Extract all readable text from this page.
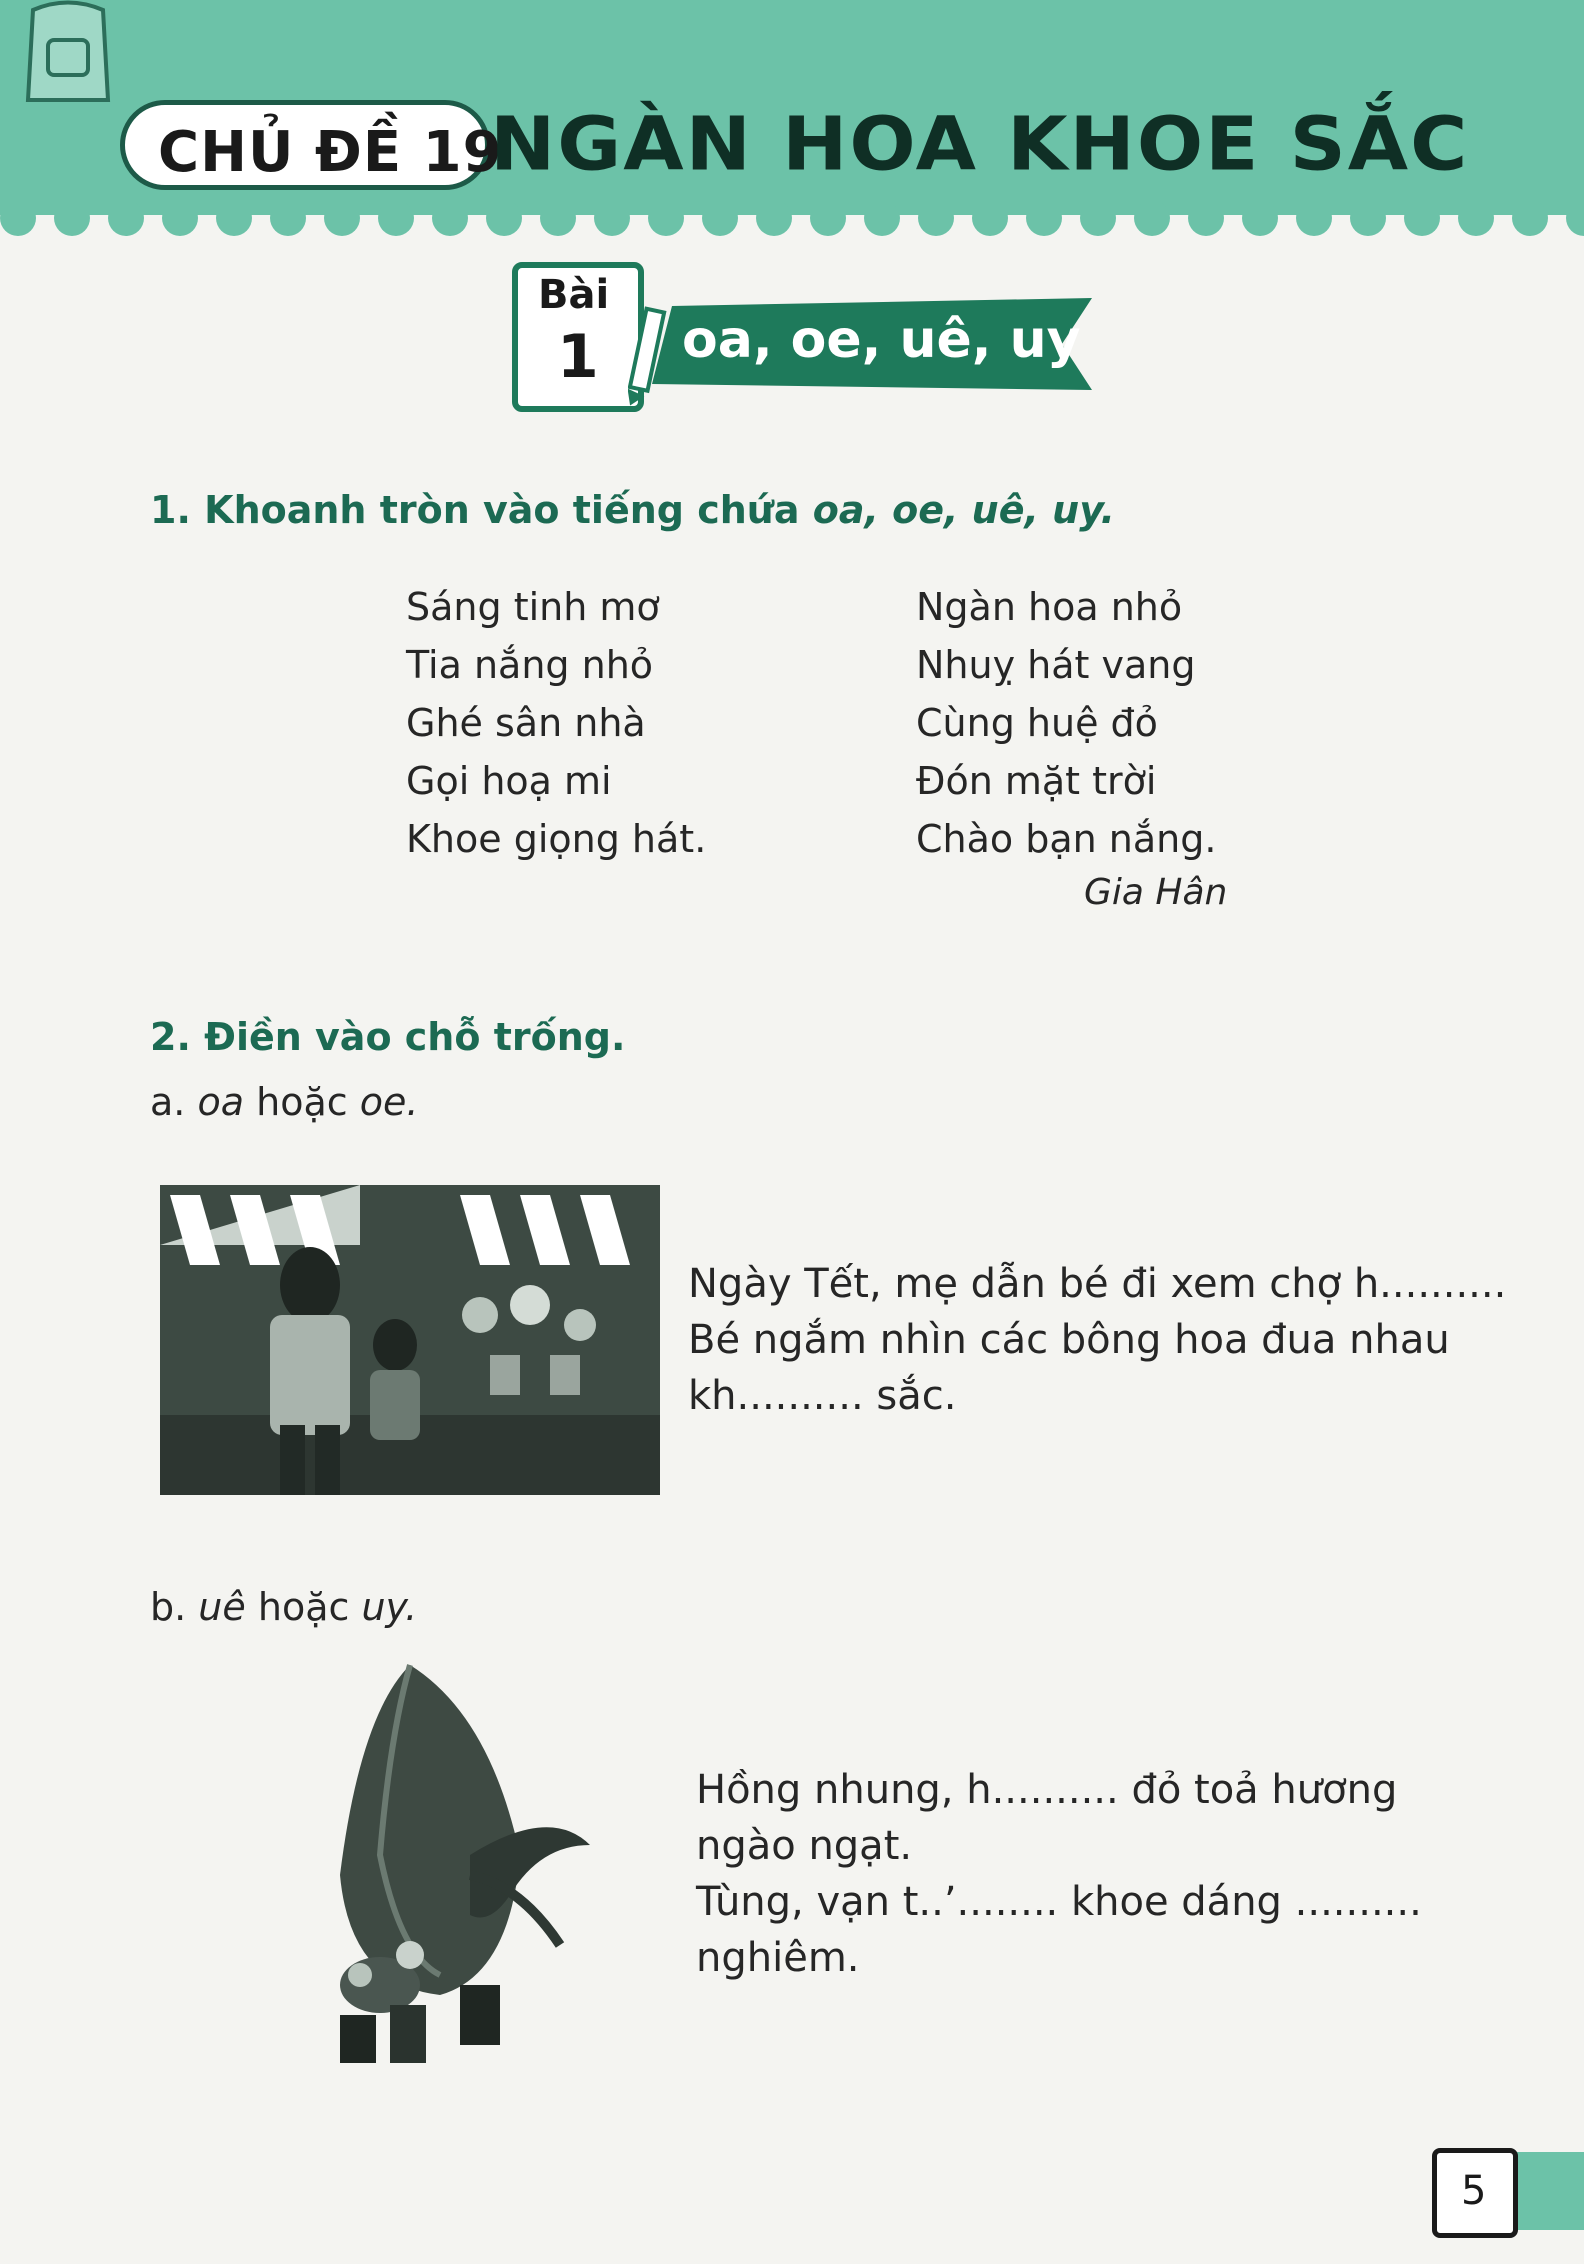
CHỦ ĐỀ 19
NGÀN HOA KHOE SẮC
Bài
1 oa, oe, uê, uy
1. Khoanh tròn vào tiếng chứa oa, oe, uê, uy.
Sáng tinh mơ
Tia nắng nhỏ
Ghé sân nhà
Gọi hoạ mi
Khoe giọng hát.
Ngàn hoa nhỏ
Nhuỵ hát vang
Cùng huệ đỏ
Đón mặt trời
Chào bạn nắng.
Gia Hân
2. Điền vào chỗ trống.
a. oa hoặc oe.
Ngày Tết, mẹ dẫn bé đi xem chợ h..........
Bé ngắm nhìn các bông hoa đua nhau
kh.......... sắc.
b. uê hoặc uy.
Hồng nhung, h.......... đỏ toả hương
ngào ngạt.
Tùng, vạn t..’........ khoe dáng ..........
nghiêm.
5
